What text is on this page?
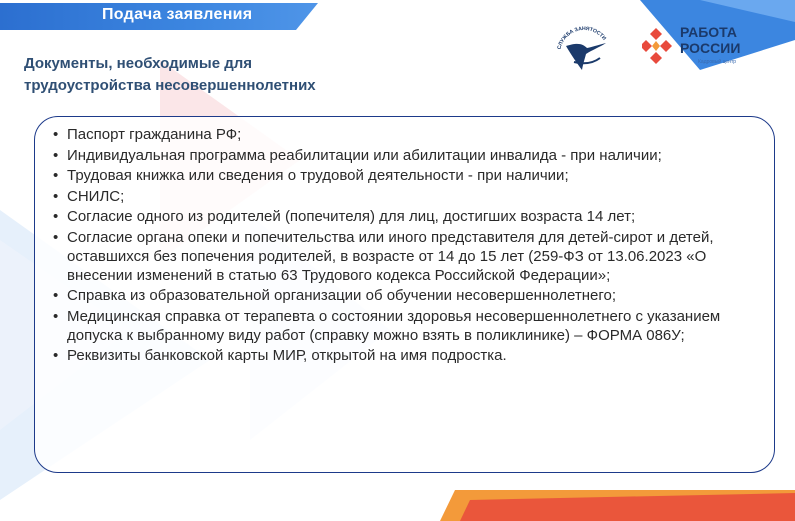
Подача заявления
Документы, необходимые для
трудоустройства несовершеннолетних
СЛУЖБА ЗАНЯТОСТИ	РАБОТА
РОССИИ
Кадровый центр
• Паспорт гражданина РФ;
• Индивидуальная программа реабилитации или абилитации инвалида - при наличии;
• Трудовая книжка или сведения о трудовой деятельности - при наличии;
• СНИЛС;
• Согласие одного из родителей (попечителя) для лиц, достигших возраста 14 лет;
• Согласие органа опеки и попечительства или иного представителя для детей-сирот и детей, оставшихся без попечения родителей, в возрасте от 14 до 15 лет (259-ФЗ от 13.06.2023 «О внесении изменений в статью 63 Трудового кодекса Российской Федерации»;
• Справка из образовательной организации об обучении несовершеннолетнего;
• Медицинская справка от терапевта о состоянии здоровья несовершеннолетнего с указанием допуска к выбранному виду работ (справку можно взять в поликлинике) – ФОРМА 086У;
• Реквизиты банковской карты МИР, открытой на имя подростка.
